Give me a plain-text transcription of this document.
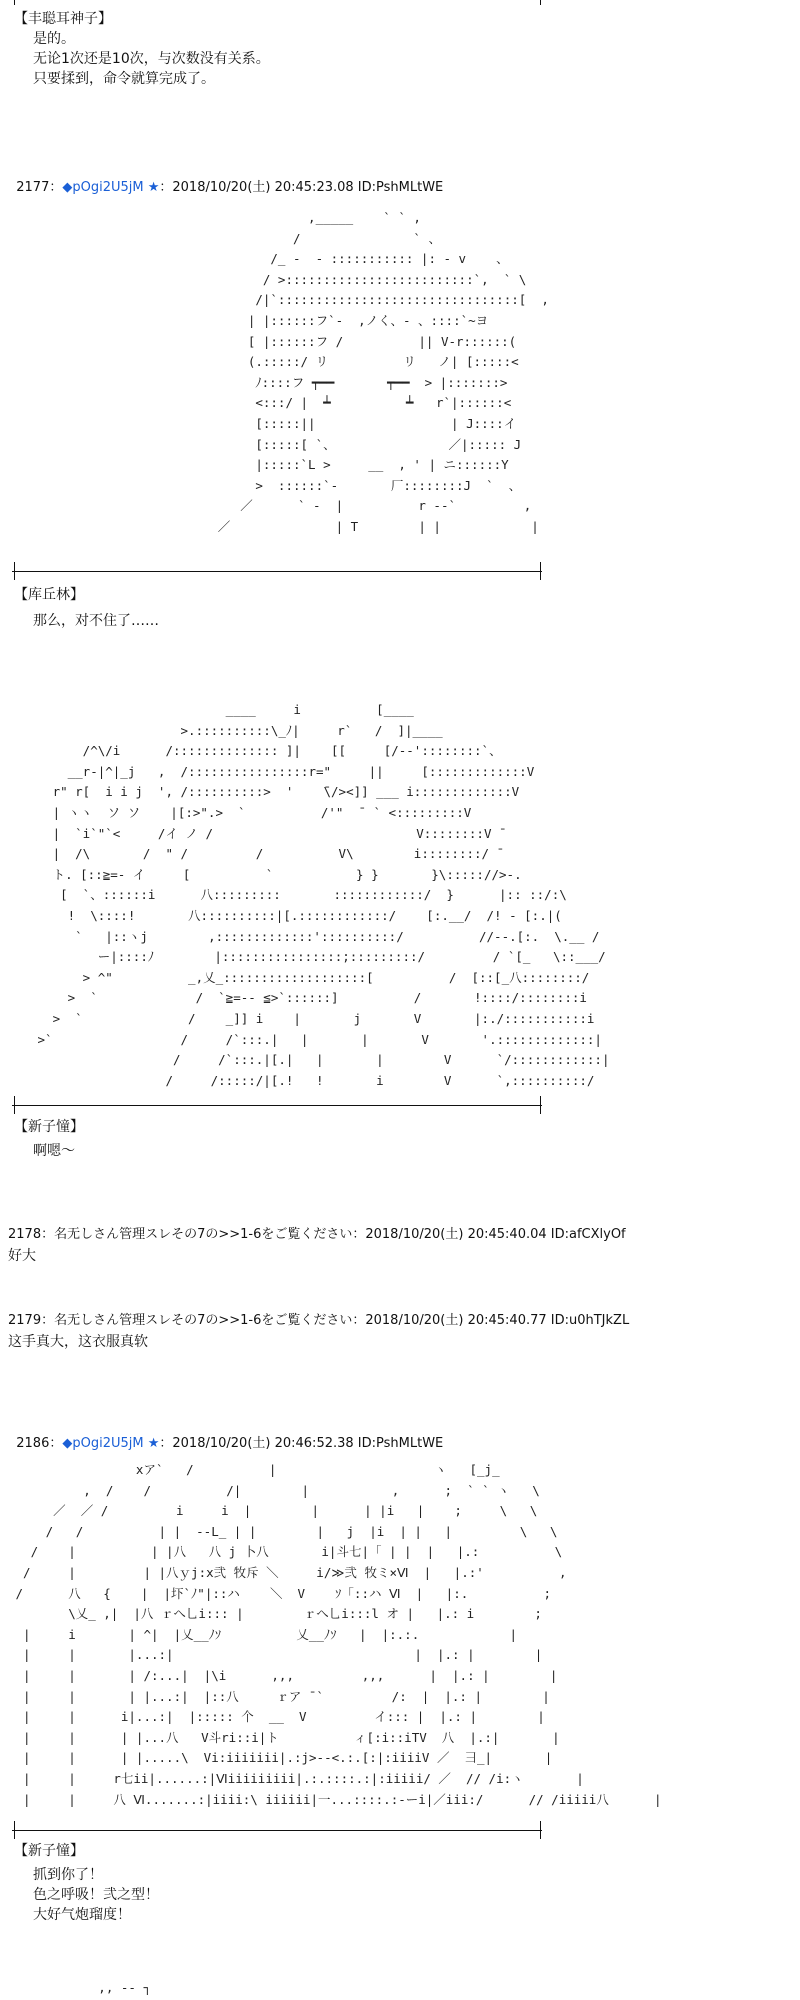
【丰聪耳神子】
是的。
无论1次还是10次，与次数没有关系。
只要揉到，命令就算完成了。

2177：◆pOgi2U5jM ★：2018/10/20(土) 20:45:23.08 ID:PshMLtWE

,_____    ` ` ,
/               ` 、
/_ -  - ::::::::::: |: - v    、
/ >:::::::::::::::::::::::::`,  ` \
/|`::::::::::::::::::::::::::::::::[  ,
| |::::::フ`-  ,ノく、- 、::::`~ヨ
[ |::::::フ /          || V-r::::::(
(.:::::/ リ          リ   ノ| [:::::<
ﾉ::::フ ┯━━       ┯━━  > |:::::::>
<:::/ |  ┷          ┷   r`|::::::<
[:::::||                  | J::::イ
[:::::[ `、               ／|::::: J
|:::::`L >     __  , ' | ニ::::::Y
>  ::::::`-       厂::::::::J  `  、
／      ` -  |          r --`         ,
／              | T        | |            |
【库丘林】
那么，对不住了……
____     i          [____
>.::::::::::\_ﾉ|     r`   /  ]|____
/^\/i      /:::::::::::::: ]|    [[     [/--'::::::::`、
__r-|^|_j   ,  /::::::::::::::::r="     ||     [:::::::::::::V
r" r[  i i j  ', /::::::::::>  '    ̄\/><]] ___ i:::::::::::::V
| ヽヽ  ソ ソ    |[:>".>  `          /'"  ̄  ` <:::::::::V
|  `i`"`<     /イ ノ /                           V::::::::V ̄
|  /\       /  " /         /          V\        i::::::::/ ̄
ト. [::≧=- イ     [          `           } }       }\::::://>-.
[  `、::::::i      八:::::::::       ::::::::::::/  }      |:: ::/:\
!  \::::!       八::::::::::|[.::::::::::::/    [:.__/  /! - [:.|(
`   |::ヽj        ,:::::::::::::'::::::::::/          //--.[:.  \.__ /
ー|::::ﾉ        |::::::::::::::::;:::::::::/         / `[_   \::___/
> ^"          _,乂_:::::::::::::::::::[          /  [::[_八::::::::/
>  `             /  `≧=-- ≦>`::::::]          /       !::::/::::::::i
>  `              /    _]] i    |       j       V       |:./:::::::::::i
>`                 /     /`:::.|   |       |       V       '.:::::::::::::|
/     /`:::.|[.|   |       |        V      `/::::::::::::|
/     /:::::/|[.!   !       i        V      `,::::::::::/
【新子憧】
啊嗯～
2178：名无しさん管理スレその7の>>1-6をご覧ください：2018/10/20(土) 20:45:40.04 ID:afCXlyOf
好大
2179：名无しさん管理スレその7の>>1-6をご覧ください：2018/10/20(土) 20:45:40.77 ID:u0hTJkZL
这手真大，这衣服真软

2186：◆pOgi2U5jM ★：2018/10/20(土) 20:46:52.38 ID:PshMLtWE

xア`   /          |                     ヽ   [_j_
,  /    /          /|        |           ,      ;  ` ` ヽ   \
／  ／ /         i     i  |        |      | |i   |    ;     \   \
/   /          | |  --L_ | |        |   j  |i  | |   |         \   \
/    |          | |八   八 j 卜八       i|斗七|「 | |  |   |.:          \
/     |         | |八ｙj:x弐 牧斥 ＼     i/≫弐 牧ミ×Ⅵ  |   |.:'          ,
/      八   {    |  |圷`ﾉ"|::ハ    ＼  V    ｿ「::ハ Ⅵ  |   |:.          ;
\乂_ ,|  |八 ｒへ乚i::: |        ｒへ乚i:::l オ |   |.: i        ;
|     i       | ^|  |乂__ﾉｿ          乂__ﾉｿ   |  |:.:.            |
|     |       |...:|                                |  |.: |        |
|     |       | /:...|  |\i      ,,,         ,,,      |  |.: |        |
|     |       | |...:|  |::八     ｒア ̄ `         /:  |  |.: |        |
|     |      i|...:|  |::::: 个  __  V         イ::: |  |.: |        |
|     |      | |...八   V斗ri::i|ト          ィ[:i::iTV  八  |.:|       |
|     |      | |.....\  Vi:iiiiiii|.:j>--<.:.[:|:iiiiV ／  彐_|       |
|     |     r七ii|......:|Ⅵiiiiiiiii|.:.::::.:|:iiiii/ ／  // /i:ヽ       |
|     |     八 Ⅵ.......:|iiii:\ iiiiii|一...::::.:-ーi|／iii:/      // /iiiii八      |
【新子憧】
抓到你了！
色之呼吸！弐之型！
大好气炮瑠度！
,, -- ┐
